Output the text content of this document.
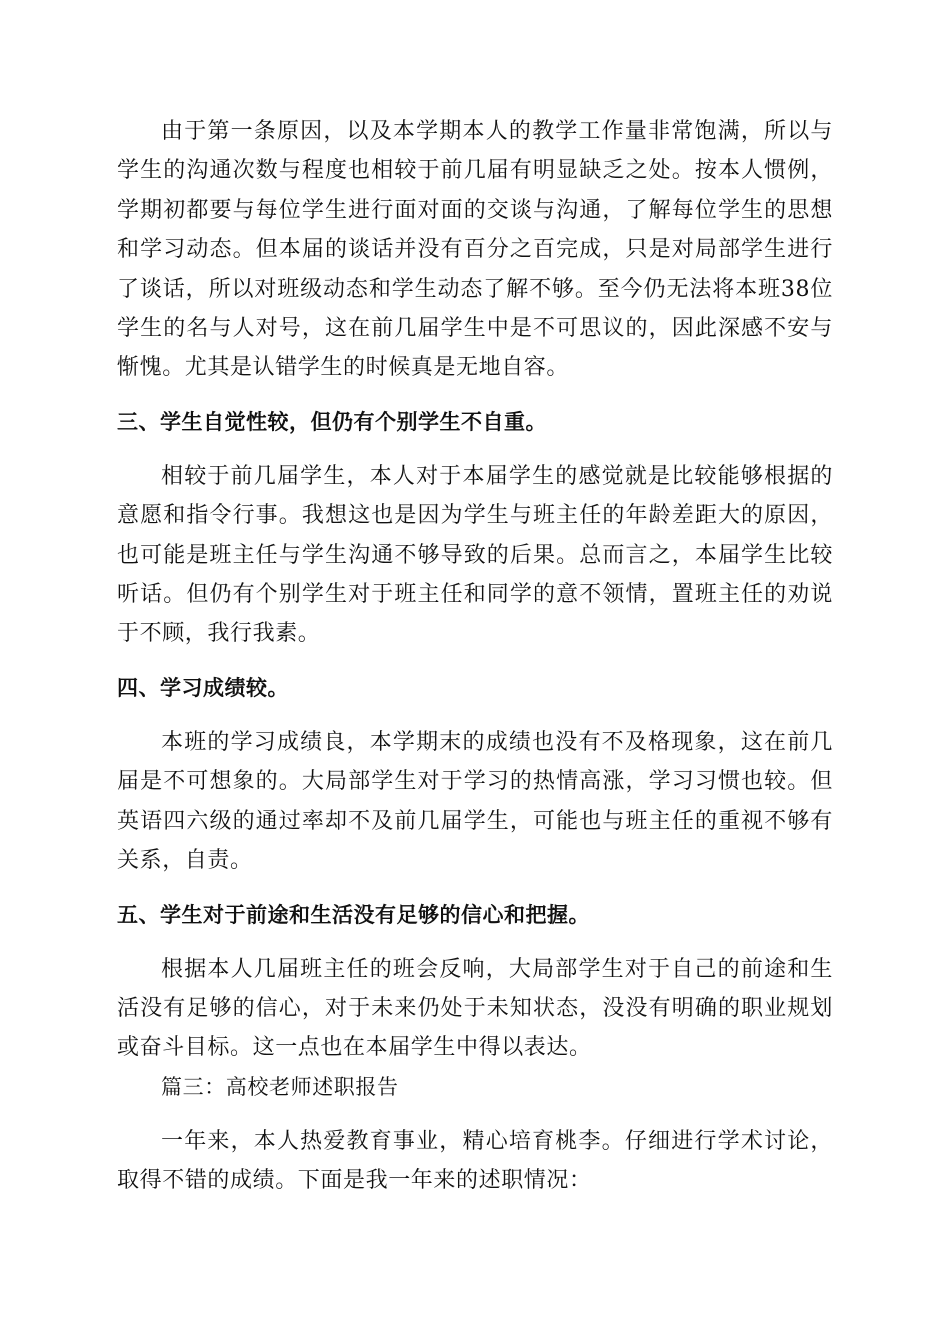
由于第一条原因，以及本学期本人的教学工作量非常饱满，所以与学生的沟通次数与程度也相较于前几届有明显缺乏之处。按本人惯例，学期初都要与每位学生进行面对面的交谈与沟通，了解每位学生的思想和学习动态。但本届的谈话并没有百分之百完成，只是对局部学生进行了谈话，所以对班级动态和学生动态了解不够。至今仍无法将本班38位学生的名与人对号，这在前几届学生中是不可思议的，因此深感不安与惭愧。尤其是认错学生的时候真是无地自容。

三、学生自觉性较，但仍有个别学生不自重。

相较于前几届学生，本人对于本届学生的感觉就是比较能够根据的意愿和指令行事。我想这也是因为学生与班主任的年龄差距大的原因，也可能是班主任与学生沟通不够导致的后果。总而言之，本届学生比较听话。但仍有个别学生对于班主任和同学的意不领情，置班主任的劝说于不顾，我行我素。

四、学习成绩较。

本班的学习成绩良，本学期末的成绩也没有不及格现象，这在前几届是不可想象的。大局部学生对于学习的热情高涨，学习习惯也较。但英语四六级的通过率却不及前几届学生，可能也与班主任的重视不够有关系，自责。

五、学生对于前途和生活没有足够的信心和把握。

根据本人几届班主任的班会反响，大局部学生对于自己的前途和生活没有足够的信心，对于未来仍处于未知状态，没没有明确的职业规划或奋斗目标。这一点也在本届学生中得以表达。

篇三：高校老师述职报告

一年来，本人热爱教育事业，精心培育桃李。仔细进行学术讨论，取得不错的成绩。下面是我一年来的述职情况：
